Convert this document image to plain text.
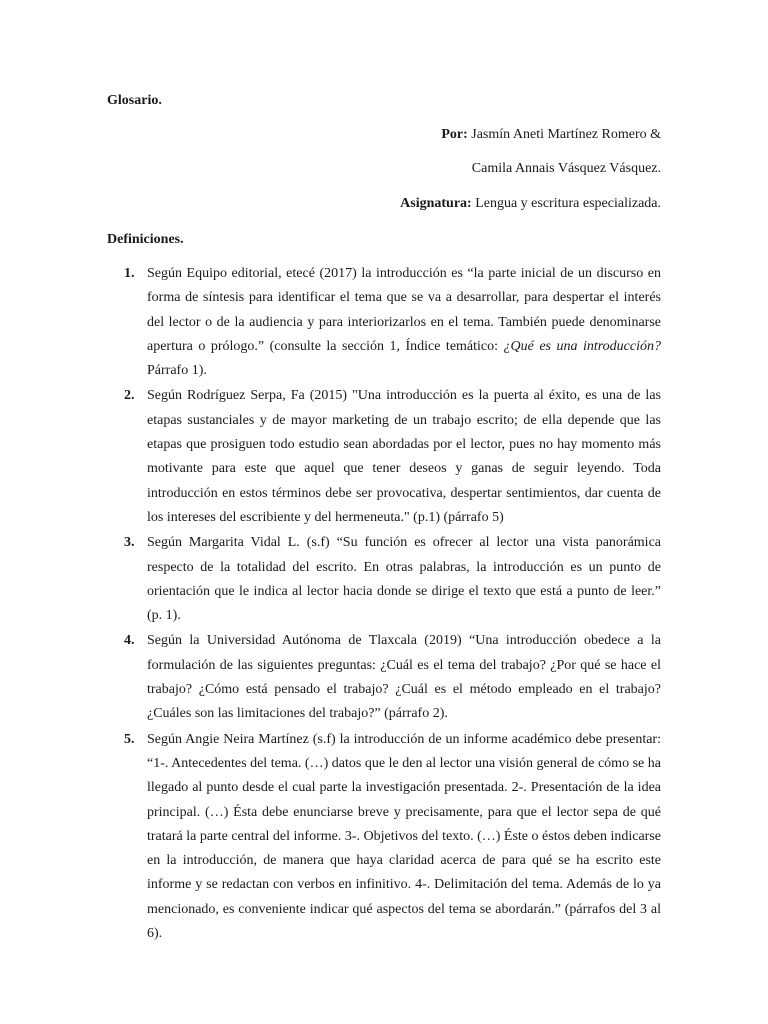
Glosario.
Por: Jasmín Aneti Martínez Romero &
Camila Annais Vásquez Vásquez.
Asignatura: Lengua y escritura especializada.
Definiciones.
1. Según Equipo editorial, etecé (2017) la introducción es “la parte inicial de un discurso en forma de síntesis para identificar el tema que se va a desarrollar, para despertar el interés del lector o de la audiencia y para interiorizarlos en el tema. También puede denominarse apertura o prólogo.” (consulte la sección 1, Índice temático: ¿Qué es una introducción? Párrafo 1).
2. Según Rodríguez Serpa, Fa (2015) "Una introducción es la puerta al éxito, es una de las etapas sustanciales y de mayor marketing de un trabajo escrito; de ella depende que las etapas que prosiguen todo estudio sean abordadas por el lector, pues no hay momento más motivante para este que aquel que tener deseos y ganas de seguir leyendo. Toda introducción en estos términos debe ser provocativa, despertar sentimientos, dar cuenta de los intereses del escribiente y del hermeneuta." (p.1) (párrafo 5)
3. Según Margarita Vidal L. (s.f) “Su función es ofrecer al lector una vista panorámica respecto de la totalidad del escrito. En otras palabras, la introducción es un punto de orientación que le indica al lector hacia donde se dirige el texto que está a punto de leer.” (p. 1).
4. Según la Universidad Autónoma de Tlaxcala (2019) “Una introducción obedece a la formulación de las siguientes preguntas: ¿Cuál es el tema del trabajo? ¿Por qué se hace el trabajo? ¿Cómo está pensado el trabajo? ¿Cuál es el método empleado en el trabajo? ¿Cuáles son las limitaciones del trabajo?” (párrafo 2).
5. Según Angie Neira Martínez (s.f) la introducción de un informe académico debe presentar: “1-. Antecedentes del tema. (…) datos que le den al lector una visión general de cómo se ha llegado al punto desde el cual parte la investigación presentada. 2-. Presentación de la idea principal. (…) Ésta debe enunciarse breve y precisamente, para que el lector sepa de qué tratará la parte central del informe. 3-. Objetivos del texto. (…) Éste o éstos deben indicarse en la introducción, de manera que haya claridad acerca de para qué se ha escrito este informe y se redactan con verbos en infinitivo. 4-. Delimitación del tema. Además de lo ya mencionado, es conveniente indicar qué aspectos del tema se abordarán.” (párrafos del 3 al 6).
